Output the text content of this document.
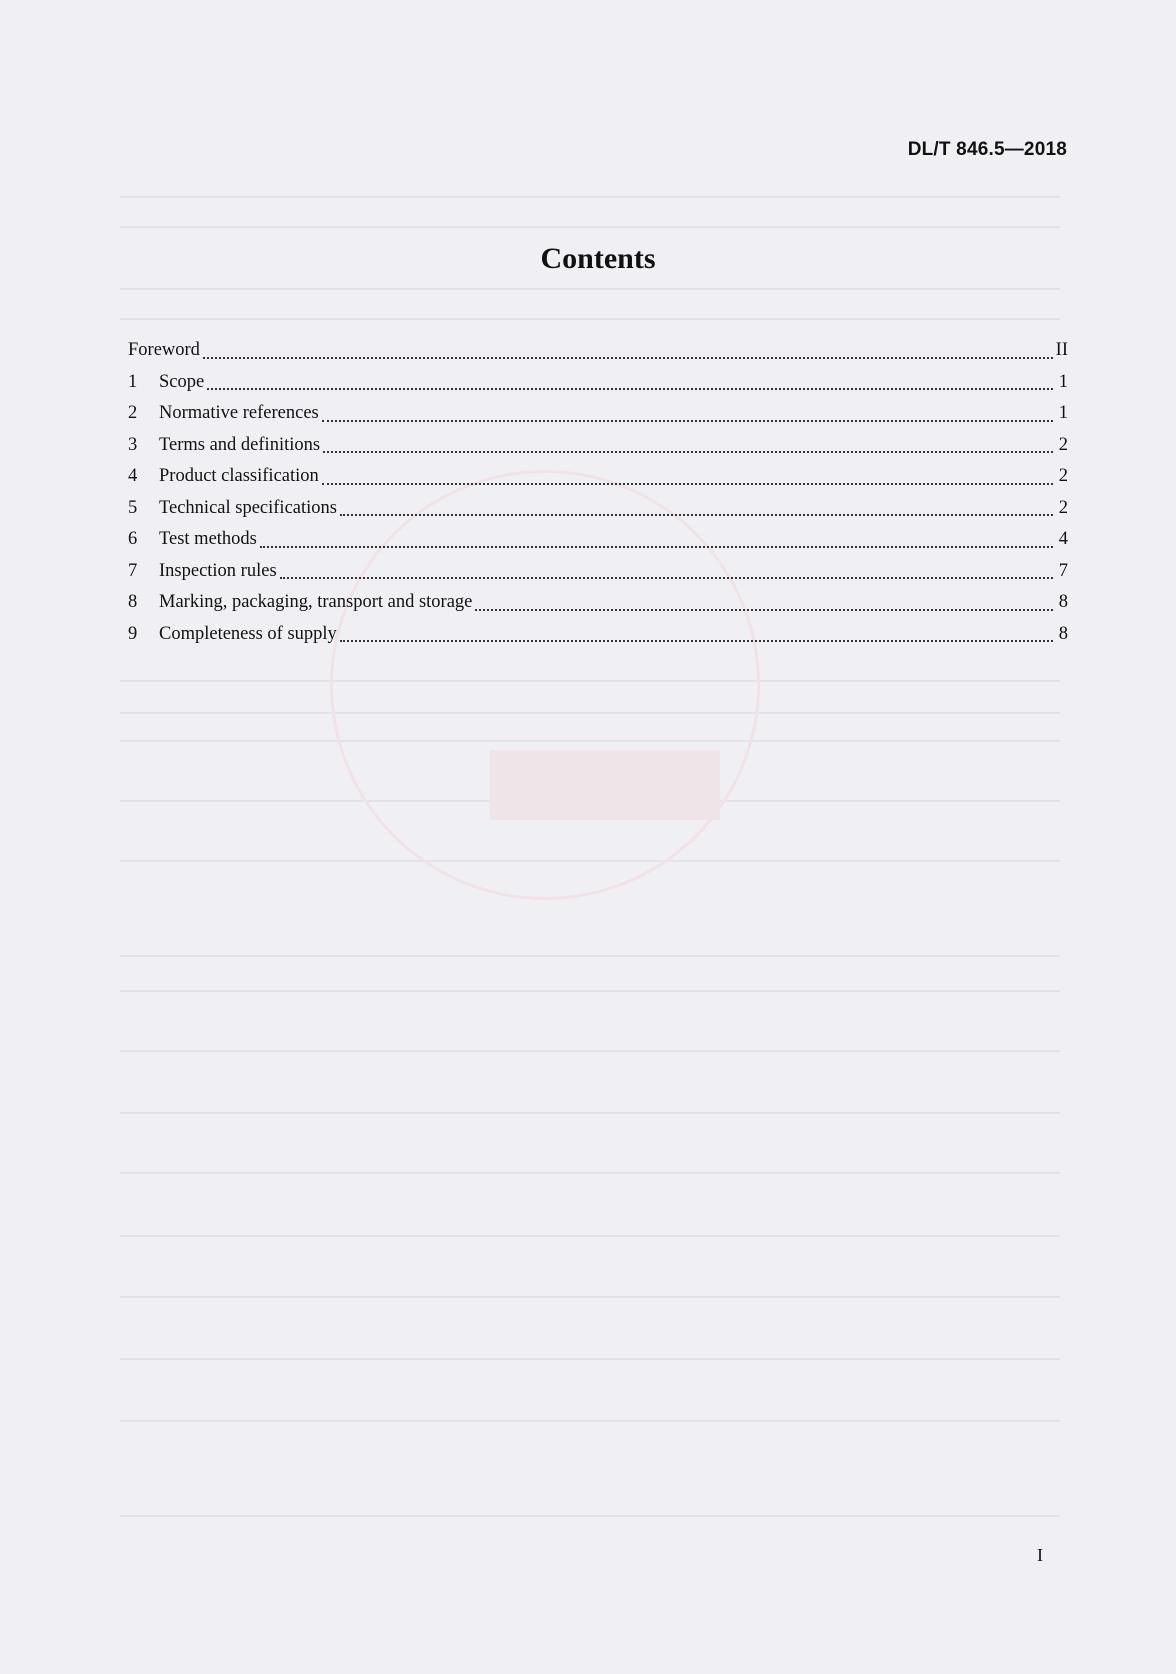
DL/T 846.5—2018
Contents
Foreword	II
1	Scope	1
2	Normative references	1
3	Terms and definitions	2
4	Product classification	2
5	Technical specifications	2
6	Test methods	4
7	Inspection rules	7
8	Marking, packaging, transport and storage	8
9	Completeness of supply	8
I
